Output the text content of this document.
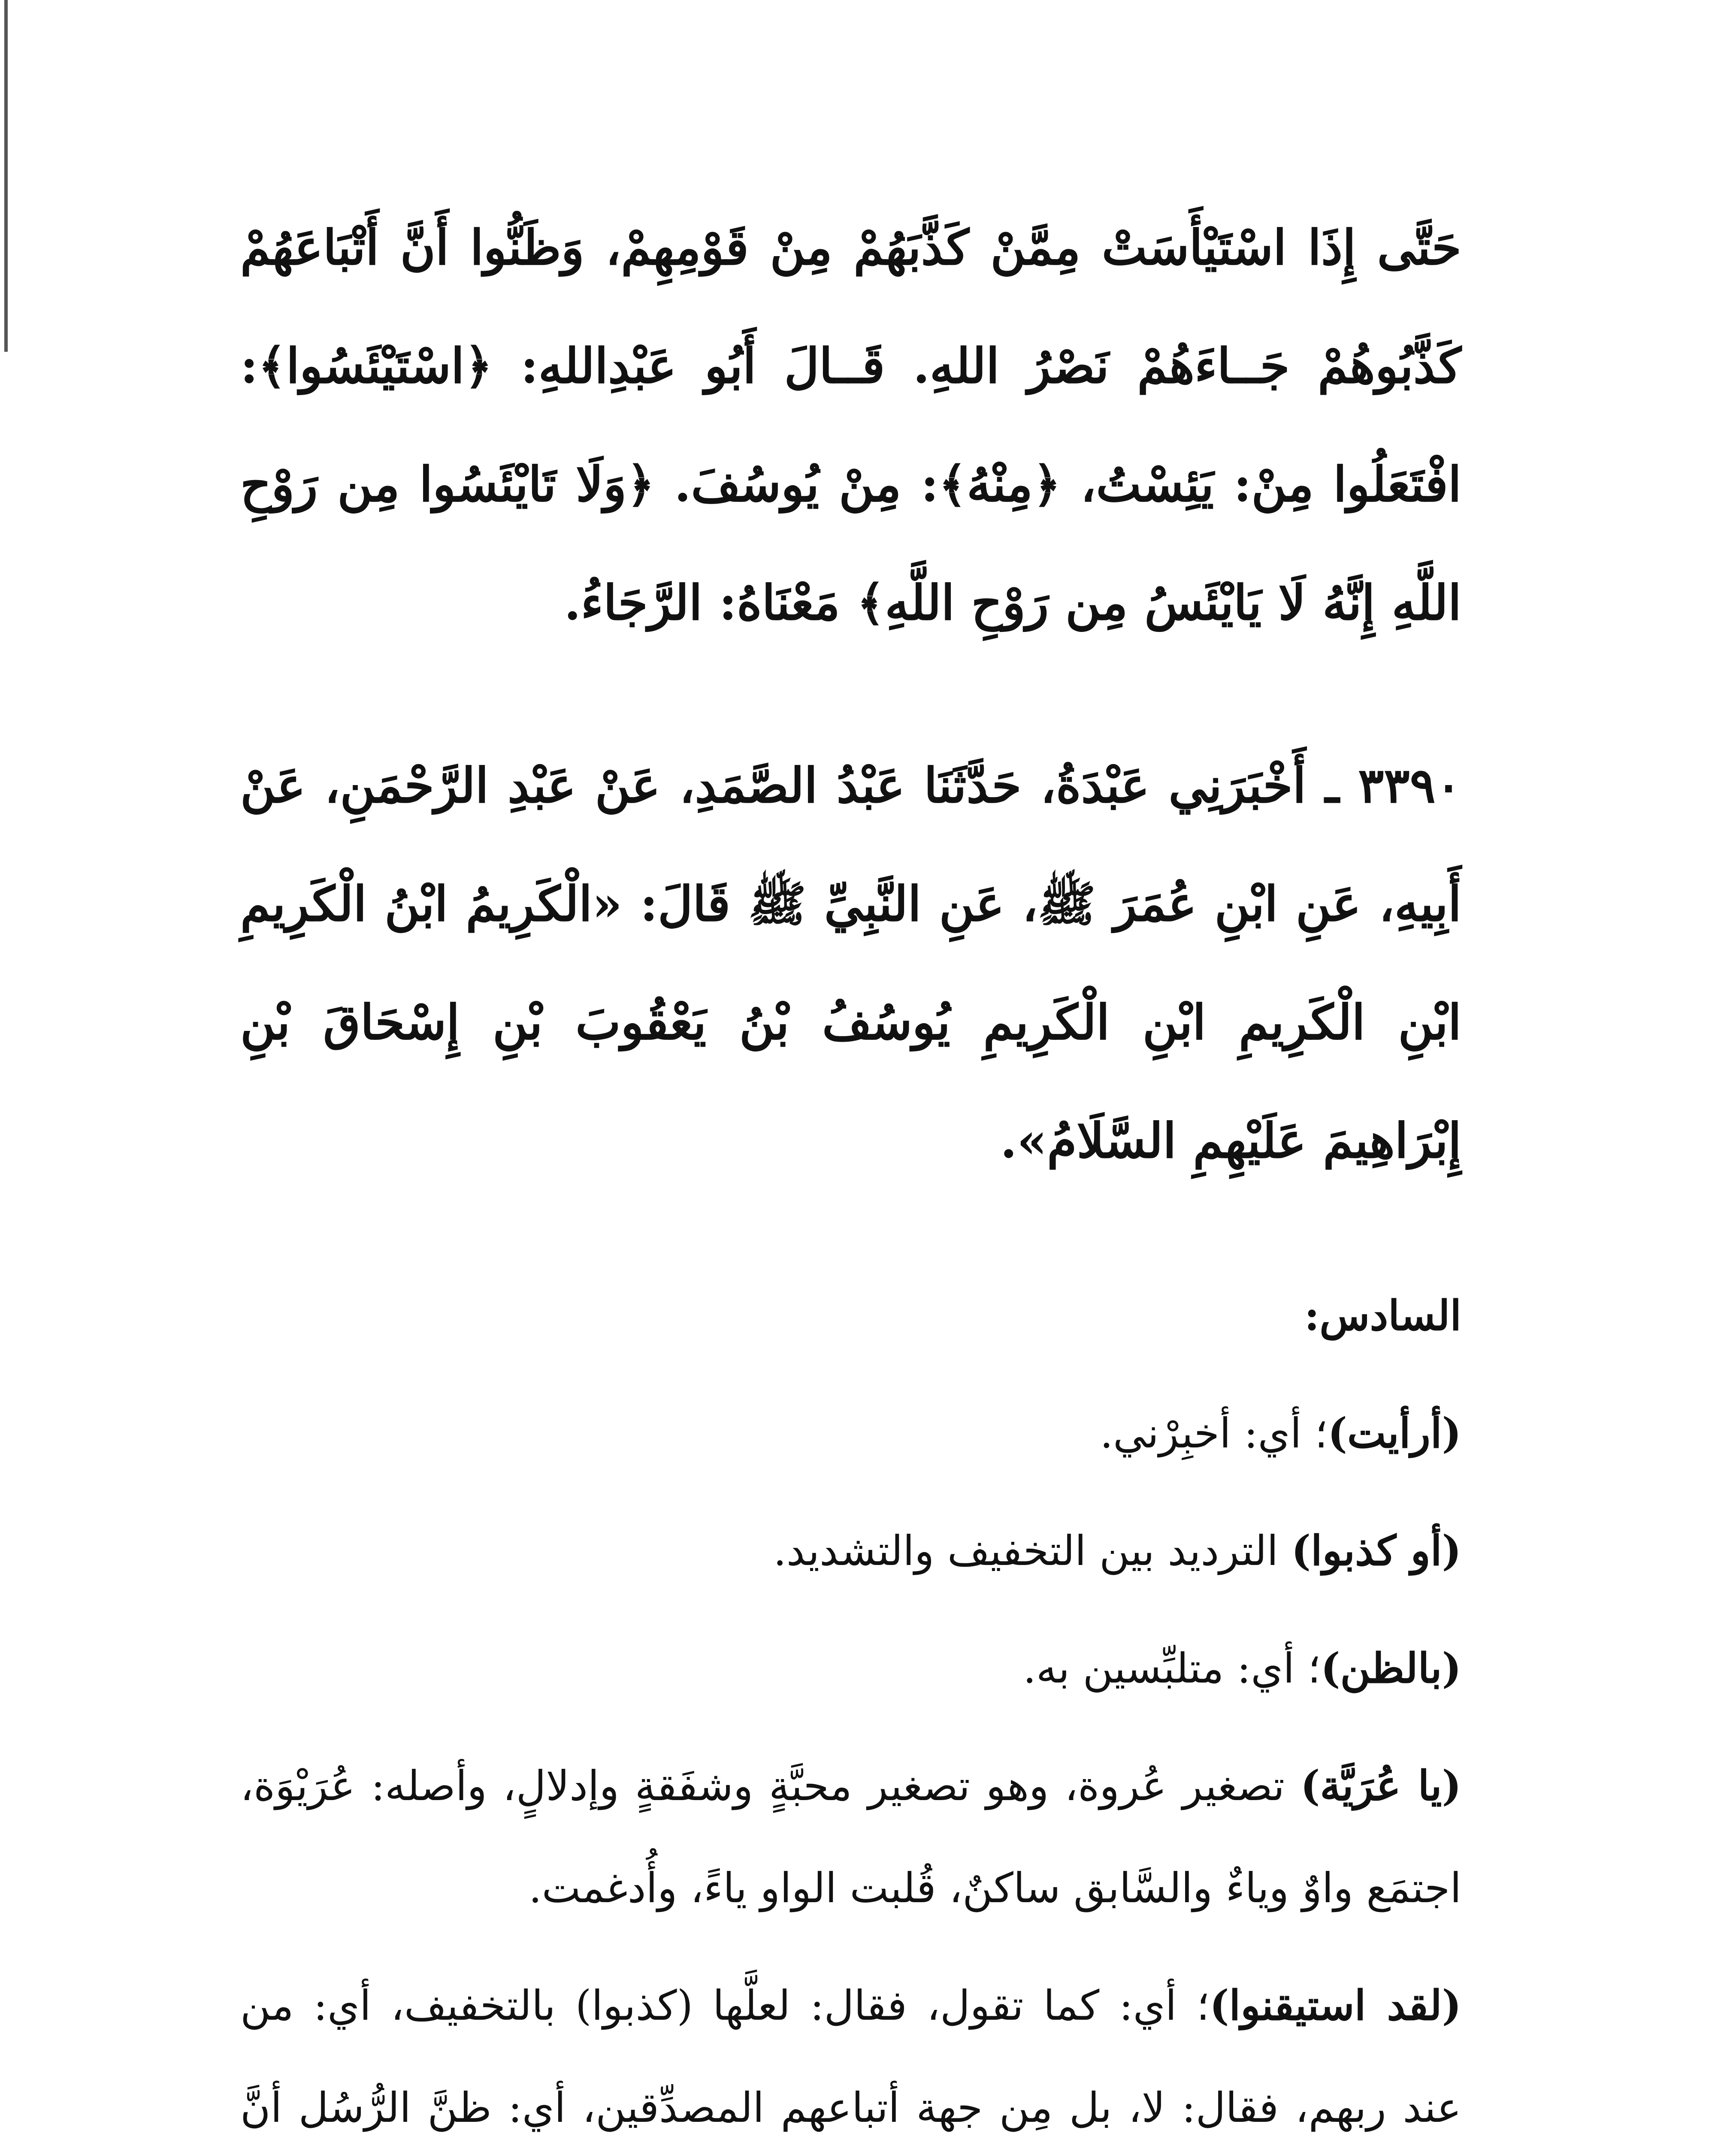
حَتَّى إِذَا اسْتَيْأَسَتْ مِمَّنْ كَذَّبَهُمْ مِنْ قَوْمِهِمْ، وَظَنُّوا أَنَّ أَتْبَاعَهُمْ كَذَّبُوهُمْ جَــاءَهُمْ نَصْرُ اللهِ. قَــالَ أَبُو عَبْدِاللهِ: ﴿اسْتَيْئَسُوا﴾: افْتَعَلُوا مِنْ: يَئِسْتُ، ﴿مِنْهُ﴾: مِنْ يُوسُفَ. ﴿وَلَا تَايْئَسُوا مِن رَوْحِ اللَّهِ إِنَّهُ لَا يَايْئَسُ مِن رَوْحِ اللَّهِ﴾ مَعْنَاهُ: الرَّجَاءُ.

٣٣٩٠ ـ أَخْبَرَنِي عَبْدَةُ، حَدَّثَنَا عَبْدُ الصَّمَدِ، عَنْ عَبْدِ الرَّحْمَنِ، عَنْ أَبِيهِ، عَنِ ابْنِ عُمَرَ ﷺ، عَنِ النَّبِيِّ ﷺ قَالَ: «الْكَرِيمُ ابْنُ الْكَرِيمِ ابْنِ الْكَرِيمِ ابْنِ الْكَرِيمِ يُوسُفُ بْنُ يَعْقُوبَ بْنِ إِسْحَاقَ بْنِ إِبْرَاهِيمَ عَلَيْهِمِ السَّلَامُ».

السادس:

(أرأيت)؛ أي: أخبِرْني.

(أو كذبوا) الترديد بين التخفيف والتشديد.

(بالظن)؛ أي: متلبِّسين به.

(يا عُرَيَّة) تصغير عُروة، وهو تصغير محبَّةٍ وشفَقةٍ وإدلالٍ، وأصله: عُرَيْوَة، اجتمَع واوٌ وياءٌ والسَّابق ساكنٌ، قُلبت الواو ياءً، وأُدغمت.

(لقد استيقنوا)؛ أي: كما تقول، فقال: لعلَّها (كذبوا) بالتخفيف، أي: من عند ربهم، فقال: لا، بل مِن جهة أتباعهم المصدِّقين، أي: ظنَّ الرُّسُل أنَّ
